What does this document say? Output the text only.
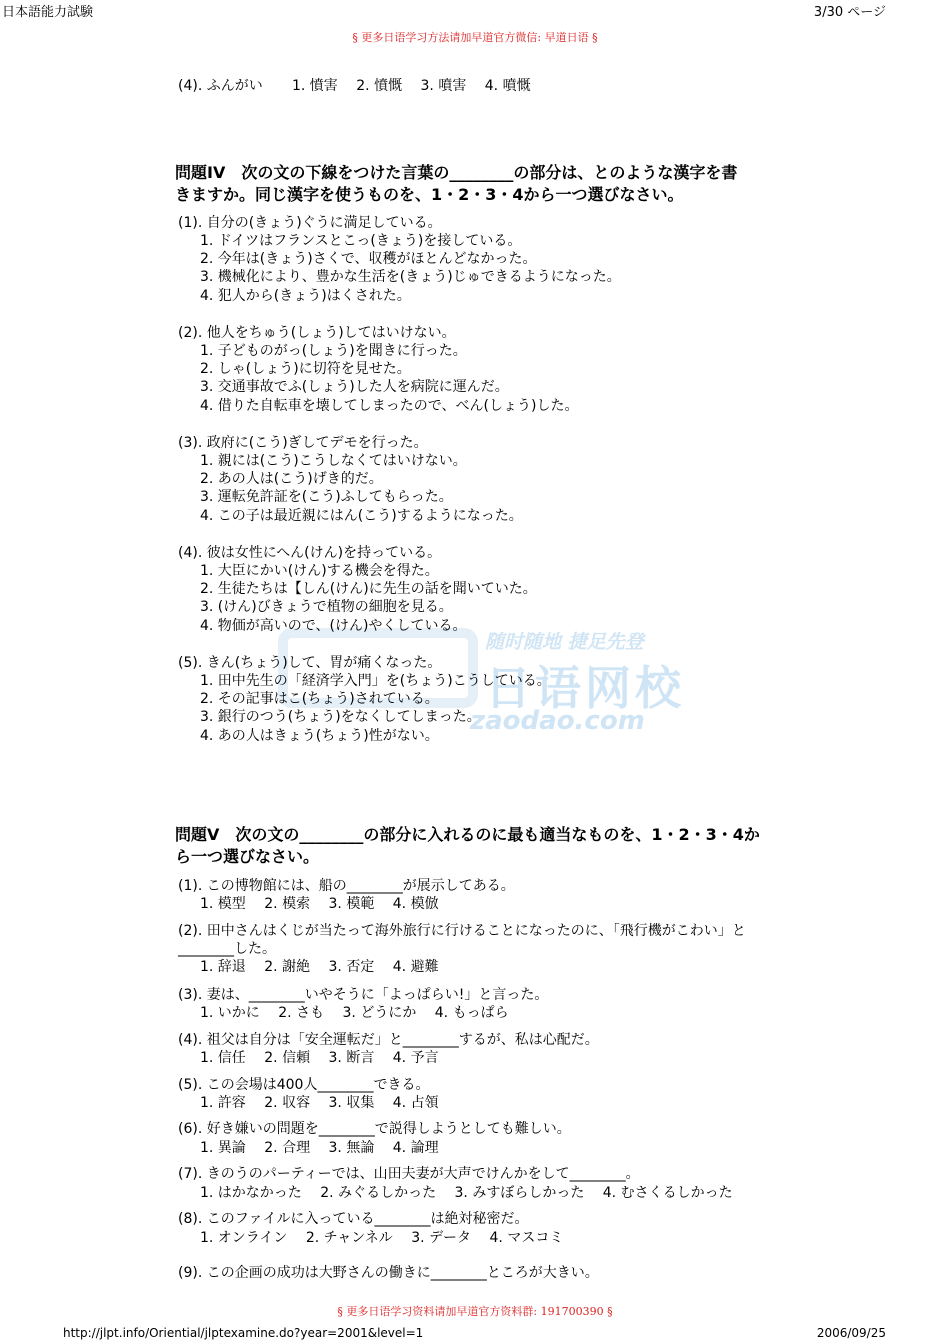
日本語能力試験	3/30 ページ
§ 更多日语学习方法请加早道官方微信: 早道日语 §
随时随地 捷足先登
日语网校
zaodao.com
(4). ふんがい 1. 憤害　 2. 憤慨　 3. 噴害　 4. 噴慨
問題IV　次の文の下線をつけた言葉の________の部分は、とのような漢字を書
きますか。同じ漢字を使うものを、1・2・3・4から一つ選びなさい。
(1). 自分の(きょう)ぐうに満足している。
1. ドイツはフランスとこっ(きょう)を接している。
2. 今年は(きょう)さくで、収穫がほとんどなかった。
3. 機械化により、豊かな生活を(きょう)じゅできるようになった。
4. 犯人から(きょう)はくされた。
(2). 他人をちゅう(しょう)してはいけない。
1. 子どものがっ(しょう)を聞きに行った。
2. しゃ(しょう)に切符を見せた。
3. 交通事故でふ(しょう)した人を病院に運んだ。
4. 借りた自転車を壊してしまったので、べん(しょう)した。
(3). 政府に(こう)ぎしてデモを行った。
1. 親には(こう)こうしなくてはいけない。
2. あの人は(こう)げき的だ。
3. 運転免許証を(こう)ふしてもらった。
4. この子は最近親にはん(こう)するようになった。
(4). 彼は女性にへん(けん)を持っている。
1. 大臣にかい(けん)する機会を得た。
2. 生徒たちは【しん(けん)に先生の話を聞いていた。
3. (けん)びきょうで植物の細胞を見る。
4. 物価が高いので、(けん)やくしている。
(5). きん(ちょう)して、胃が痛くなった。
1. 田中先生の「経済学入門」を(ちょう)こうしている。
2. その記事はこ(ちょう)されている。
3. 銀行のつう(ちょう)をなくしてしまった。
4. あの人はきょう(ちょう)性がない。
問題V　次の文の________の部分に入れるのに最も適当なものを、1・2・3・4か
ら一つ選びなさい。
(1). この博物館には、船の________が展示してある。
1. 模型　 2. 模索　 3. 模範　 4. 模倣
(2). 田中さんはくじが当たって海外旅行に行けることになったのに、「飛行機がこわい」と
________した。
1. 辞退　 2. 謝絶　 3. 否定　 4. 避難
(3). 妻は、________いやそうに「よっぱらい!」と言った。
1. いかに　 2. さも　 3. どうにか　 4. もっぱら
(4). 祖父は自分は「安全運転だ」と________するが、私は心配だ。
1. 信任　 2. 信頼　 3. 断言　 4. 予言
(5). この会場は400人________できる。
1. 許容　 2. 収容　 3. 収集　 4. 占領
(6). 好き嫌いの問題を________で説得しようとしても難しい。
1. 異論　 2. 合理　 3. 無論　 4. 論理
(7). きのうのパーティーでは、山田夫妻が大声でけんかをして________。
1. はかなかった　 2. みぐるしかった　 3. みすぼらしかった　 4. むさくるしかった
(8). このファイルに入っている________は絶対秘密だ。
1. オンライン　 2. チャンネル　 3. データ　 4. マスコミ
(9). この企画の成功は大野さんの働きに________ところが大きい。
§ 更多日语学习资料请加早道官方资料群: 191700390 §
http://jlpt.info/Oriential/jlptexamine.do?year=2001&level=1	2006/09/25
